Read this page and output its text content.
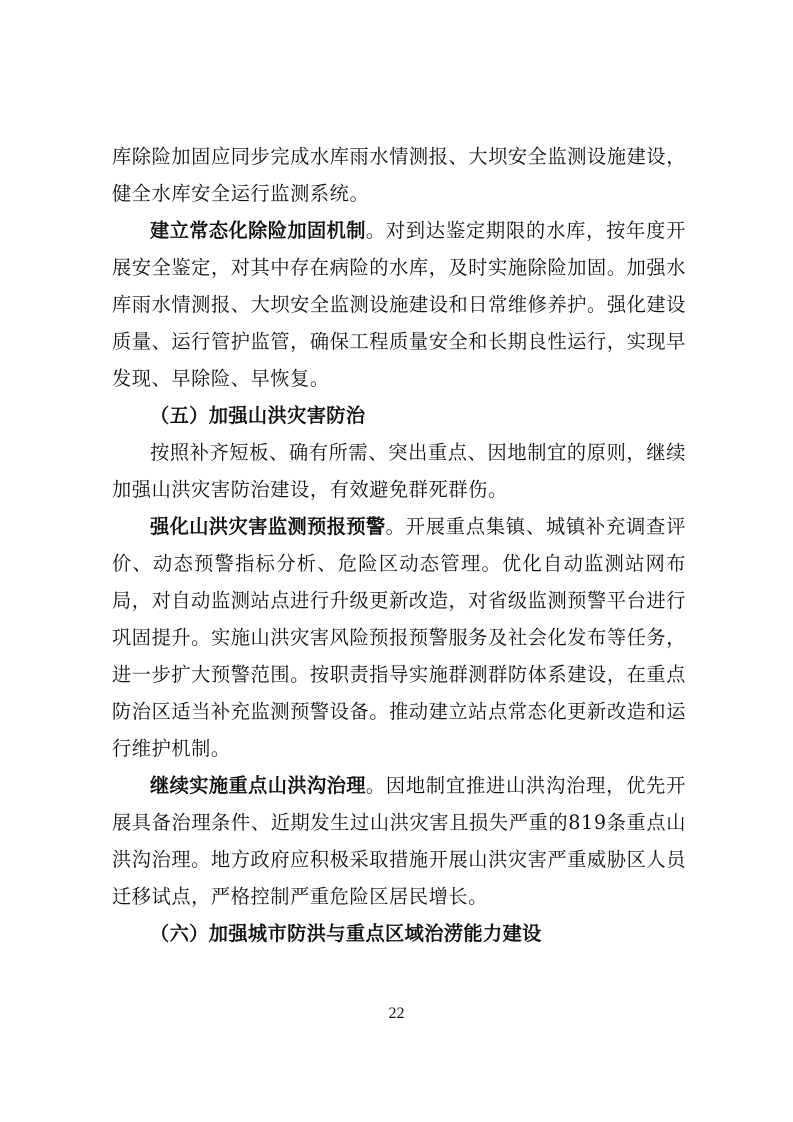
库除险加固应同步完成水库雨水情测报、大坝安全监测设施建设，健全水库安全运行监测系统。

建立常态化除险加固机制。对到达鉴定期限的水库，按年度开展安全鉴定，对其中存在病险的水库，及时实施除险加固。加强水库雨水情测报、大坝安全监测设施建设和日常维修养护。强化建设质量、运行管护监管，确保工程质量安全和长期良性运行，实现早发现、早除险、早恢复。

（五）加强山洪灾害防治

按照补齐短板、确有所需、突出重点、因地制宜的原则，继续加强山洪灾害防治建设，有效避免群死群伤。

强化山洪灾害监测预报预警。开展重点集镇、城镇补充调查评价、动态预警指标分析、危险区动态管理。优化自动监测站网布局，对自动监测站点进行升级更新改造，对省级监测预警平台进行巩固提升。实施山洪灾害风险预报预警服务及社会化发布等任务，进一步扩大预警范围。按职责指导实施群测群防体系建设，在重点防治区适当补充监测预警设备。推动建立站点常态化更新改造和运行维护机制。

继续实施重点山洪沟治理。因地制宜推进山洪沟治理，优先开展具备治理条件、近期发生过山洪灾害且损失严重的819条重点山洪沟治理。地方政府应积极采取措施开展山洪灾害严重威胁区人员迁移试点，严格控制严重危险区居民增长。

（六）加强城市防洪与重点区域治涝能力建设

22
